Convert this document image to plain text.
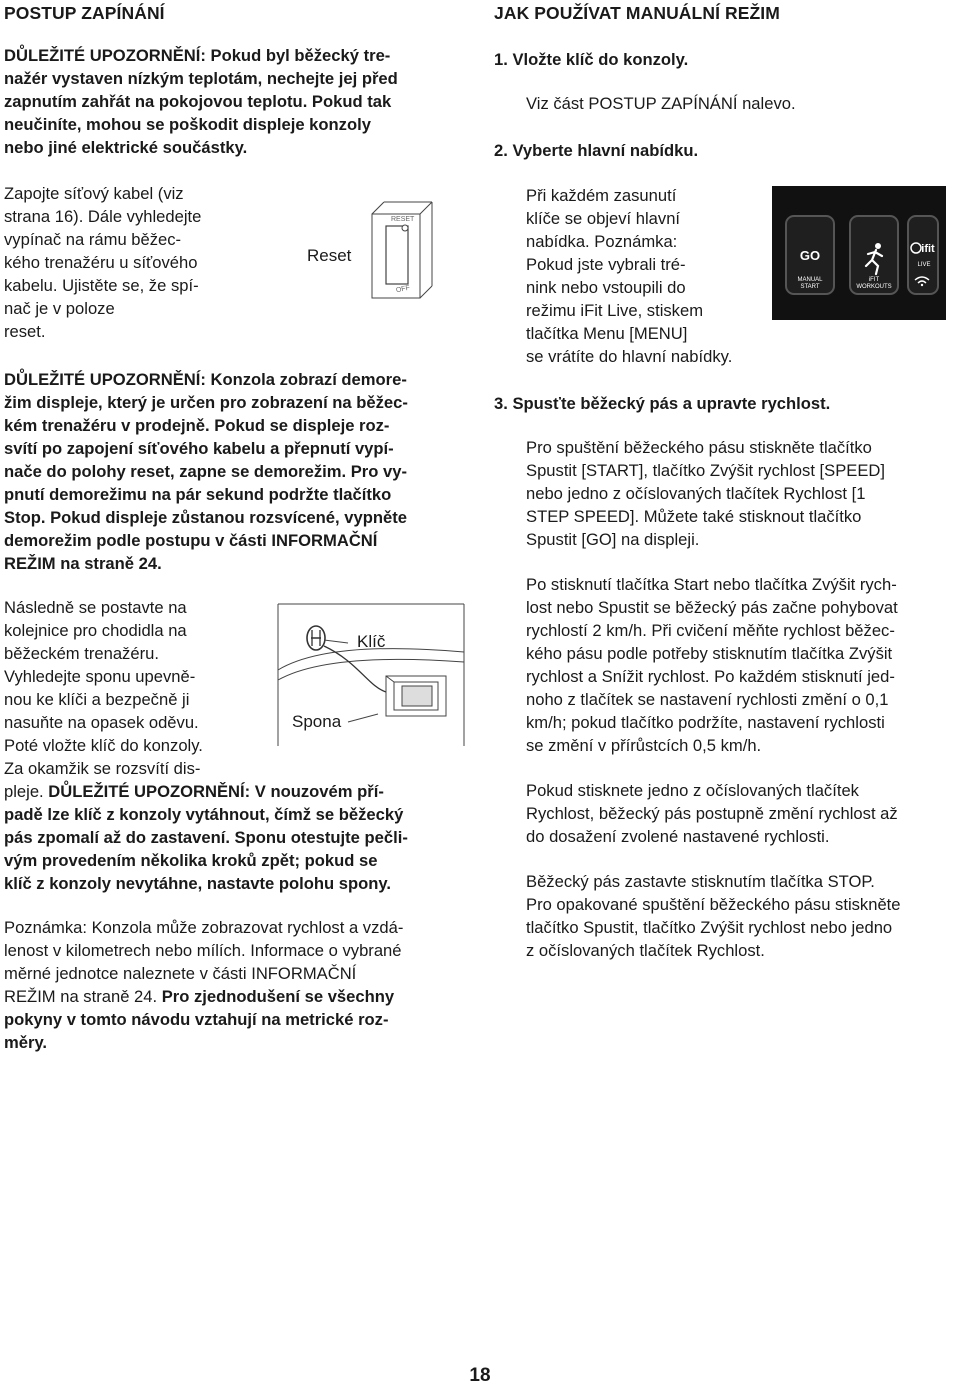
POSTUP ZAPÍNÁNÍ
DŮLEŽITÉ UPOZORNĚNÍ: Pokud byl běžecký tre-
nažér vystaven nízkým teplotám, nechejte jej před
zapnutím zahřát na pokojovou teplotu. Pokud tak
neučiníte, mohou se poškodit displeje konzoly
nebo jiné elektrické součástky.
Zapojte síťový kabel (viz
strana 16). Dále vyhledejte
vypínač na rámu běžec-
kého trenažéru u síťového
kabelu. Ujistěte se, že spí-
nač je v poloze
reset.
RESET
OFF
Reset
DŮLEŽITÉ UPOZORNĚNÍ: Konzola zobrazí demore-
žim displeje, který je určen pro zobrazení na běžec-
kém trenažéru v prodejně. Pokud se displeje roz-
svítí po zapojení síťového kabelu a přepnutí vypí-
nače do polohy reset, zapne se demorežim. Pro vy-
pnutí demorežimu na pár sekund podržte tlačítko
Stop. Pokud displeje zůstanou rozsvícené, vypněte
demorežim podle postupu v části INFORMAČNÍ
REŽIM na straně 24.
Následně se postavte na
kolejnice pro chodidla na
běžeckém trenažéru.
Vyhledejte sponu upevně-
nou ke klíči a bezpečně ji
nasuňte na opasek oděvu.
Poté vložte klíč do konzoly.
Za okamžik se rozsvítí dis-
pleje. DŮLEŽITÉ UPOZORNĚNÍ: V nouzovém pří-
padě lze klíč z konzoly vytáhnout, čímž se běžecký
pás zpomalí až do zastavení. Sponu otestujte pečli-
vým provedením několika kroků zpět; pokud se
klíč z konzoly nevytáhne, nastavte polohu spony.
Klíč
Spona
Poznámka: Konzola může zobrazovat rychlost a vzdá-
lenost v kilometrech nebo mílích. Informace o vybrané
měrné jednotce naleznete v části INFORMAČNÍ
REŽIM na straně 24. Pro zjednodušení se všechny
pokyny v tomto návodu vztahují na metrické roz-
měry.
JAK POUŽÍVAT MANUÁLNÍ REŽIM
1. Vložte klíč do konzoly.
Viz část POSTUP ZAPÍNÁNÍ nalevo.
2. Vyberte hlavní nabídku.
Při každém zasunutí
klíče se objeví hlavní
nabídka. Poznámka:
Pokud jste vybrali tré-
nink nebo vstoupili do
režimu iFit Live, stiskem
tlačítka Menu [MENU]
se vrátíte do hlavní nabídky.
GO
MANUAL
START
iFIT
WORKOUTS
ifit
LIVE
3. Spusťte běžecký pás a upravte rychlost.
Pro spuštění běžeckého pásu stiskněte tlačítko
Spustit [START], tlačítko Zvýšit rychlost [SPEED]
nebo jedno z očíslovaných tlačítek Rychlost [1
STEP SPEED]. Můžete také stisknout tlačítko
Spustit [GO] na displeji.
Po stisknutí tlačítka Start nebo tlačítka Zvýšit rych-
lost nebo Spustit se běžecký pás začne pohybovat
rychlostí 2 km/h. Při cvičení měňte rychlost běžec-
kého pásu podle potřeby stisknutím tlačítka Zvýšit
rychlost a Snížit rychlost. Po každém stisknutí jed-
noho z tlačítek se nastavení rychlosti změní o 0,1
km/h; pokud tlačítko podržíte, nastavení rychlosti
se změní v přírůstcích 0,5 km/h.
Pokud stisknete jedno z očíslovaných tlačítek
Rychlost, běžecký pás postupně změní rychlost až
do dosažení zvolené nastavené rychlosti.
Běžecký pás zastavte stisknutím tlačítka STOP.
Pro opakované spuštění běžeckého pásu stiskněte
tlačítko Spustit, tlačítko Zvýšit rychlost nebo jedno
z očíslovaných tlačítek Rychlost.
18
